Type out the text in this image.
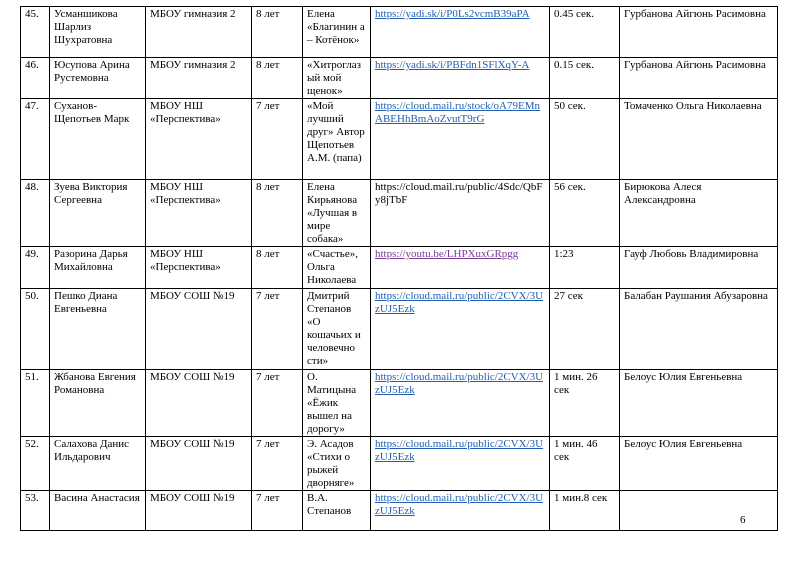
45.	Усманшикова Шарлиз Шухратовна	МБОУ гимназия 2	8 лет	Елена «Благинин а – Котёнок»	https://yadi.sk/i/P0Ls2vcmB39aPA	0.45 сек.	Гурбанова Айгюнь Расимовна
46.	Юсупова Арина Рустемовна	МБОУ гимназия 2	8 лет	«Хитроглаз ый мой щенок»	https://yadi.sk/i/PBFdn1SFlXqY-A	0.15 сек.	Гурбанова Айгюнь Расимовна
47.	Суханов-Щепотьев Марк	МБОУ НШ «Перспектива»	7 лет	«Мой лучший друг» Автор Щепотьев А.М. (папа)	https://cloud.mail.ru/stock/oA79EMnABEHhBmAoZvutT9rG	50 сек.	Томаченко Ольга Николаевна
48.	Зуева Виктория Сергеевна	МБОУ НШ «Перспектива»	8 лет	Елена Кирьянова «Лучшая в мире собака»	https://cloud.mail.ru/public/4Sdc/QbFy8jTbF	56 сек.	Бирюкова Алеся Александровна
49.	Разорина Дарья Михайловна	МБОУ НШ «Перспектива»	8 лет	«Счастье», Ольга Николаева	https://youtu.be/LHPXuxGRpgg	1:23	Гауф Любовь Владимировна
50.	Пешко Диана Евгеньевна	МБОУ СОШ №19	7 лет	Дмитрий Степанов «О кошачьих и человечно сти»	https://cloud.mail.ru/public/2CVX/3UzUJ5Ezk	27 сек	Балабан Раушания Абузаровна
51.	Жбанова Евгения Романовна	МБОУ СОШ №19	7 лет	О. Матицына «Ёжик вышел на дорогу»	https://cloud.mail.ru/public/2CVX/3UzUJ5Ezk	1 мин. 26 сек	Белоус Юлия Евгеньевна
52.	Салахова Данис Ильдарович	МБОУ СОШ №19	7 лет	Э. Асадов «Стихи о рыжей дворняге»	https://cloud.mail.ru/public/2CVX/3UzUJ5Ezk	1 мин. 46 сек	Белоус Юлия Евгеньевна
53.	Васина Анастасия	МБОУ СОШ №19	7 лет	В.А. Степанов	https://cloud.mail.ru/public/2CVX/3UzUJ5Ezk	1 мин.8 сек	
6
